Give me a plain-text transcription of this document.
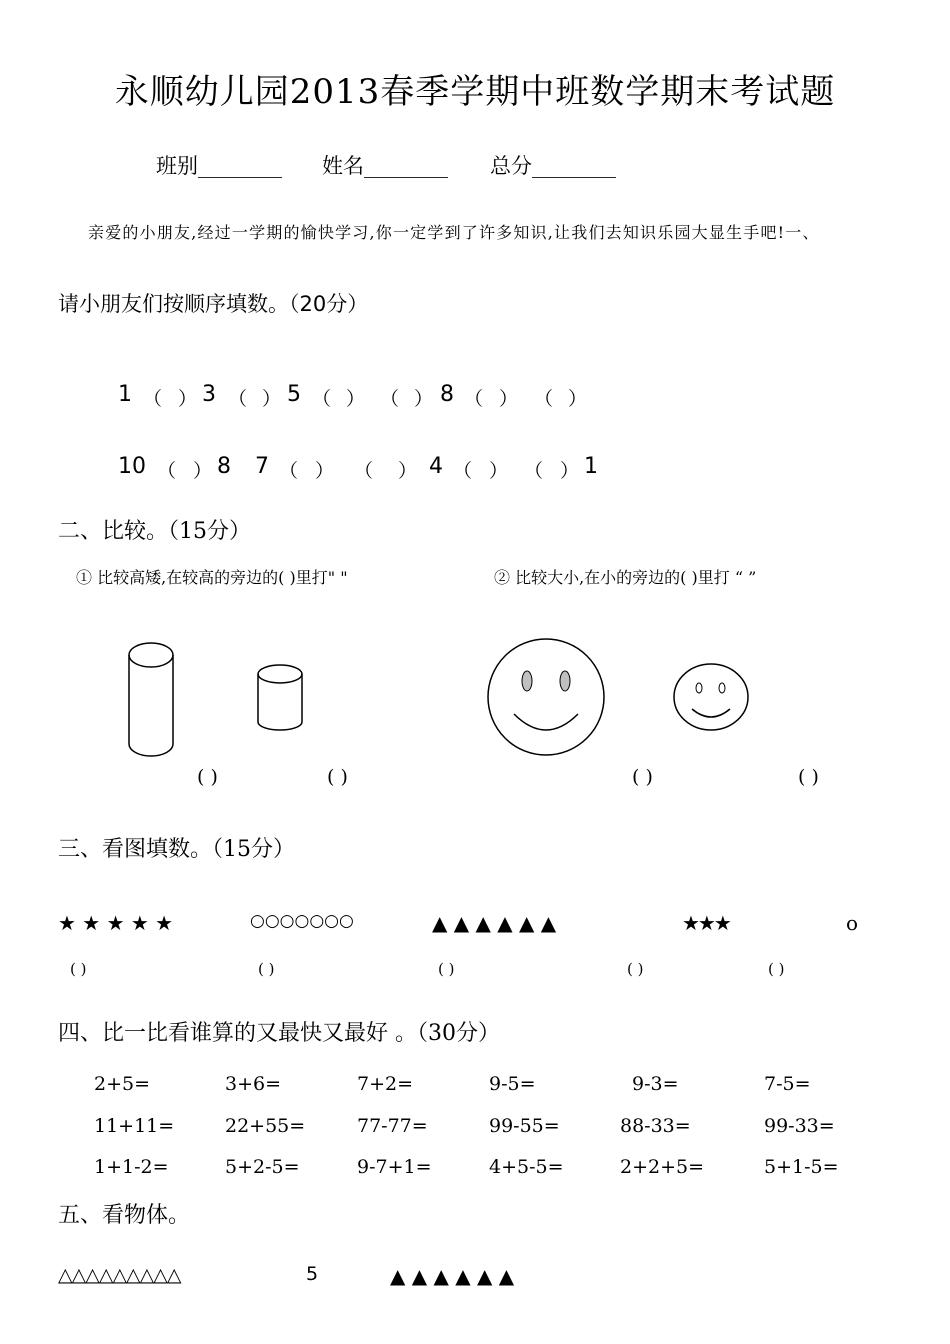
永顺幼儿园2013春季学期中班数学期末考试题
班别________ 姓名________ 总分________
亲爱的小朋友,经过一学期的愉快学习,你一定学到了许多知识,让我们去知识乐园大显生手吧!一、
请小朋友们按顺序填数。（20分）
1 （ ） 3 （ ） 5 （ ） （ ） 8 （ ） （ ）
10 （ ） 8 7 （ ） （ ） 4 （ ） （ ） 1
二、比较。（15分）
① 比较高矮,在较高的旁边的( )里打" "	② 比较大小,在小的旁边的( )里打 “ ”
( )	( )	( )	( )
三、看图填数。（15分）
★ ★ ★ ★ ★	○○○○○○○	▲ ▲ ▲ ▲ ▲ ▲	★★★	o
( )	( )	( )	( )	( )
四、比一比看谁算的又最快又最好 。（30分）
2+5=	3+6=	7+2=	9-5=	9-3=	7-5=
11+11=	22+55=	77-77=	99-55=	88-33=	99-33=
1+1-2=	5+2-5=	9-7+1=	4+5-5=	2+2+5=	5+1-5=
五、看物体。
△△△△△△△△△	5	▲ ▲ ▲ ▲ ▲ ▲
